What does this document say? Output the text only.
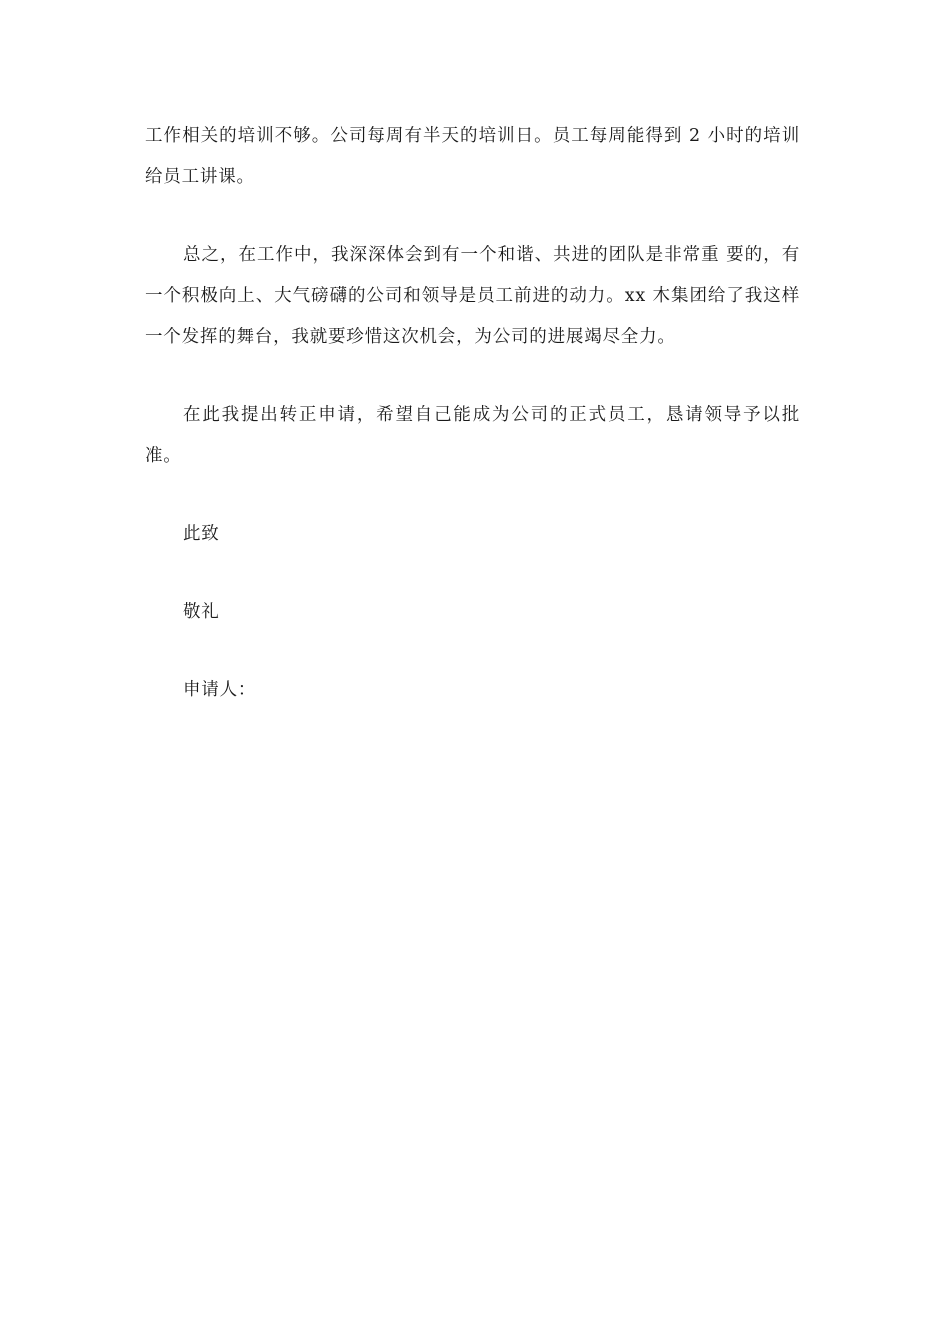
工作相关的培训不够。公司每周有半天的培训日。员工每周能得到 2 小时的培训给员工讲课。

总之，在工作中，我深深体会到有一个和谐、共进的团队是非常重 要的，有一个积极向上、大气磅礴的公司和领导是员工前进的动力。xx 木集团给了我这样一个发挥的舞台，我就要珍惜这次机会，为公司的进展竭尽全力。

在此我提出转正申请，希望自己能成为公司的正式员工，恳请领导予以批准。

此致

敬礼

申请人：
